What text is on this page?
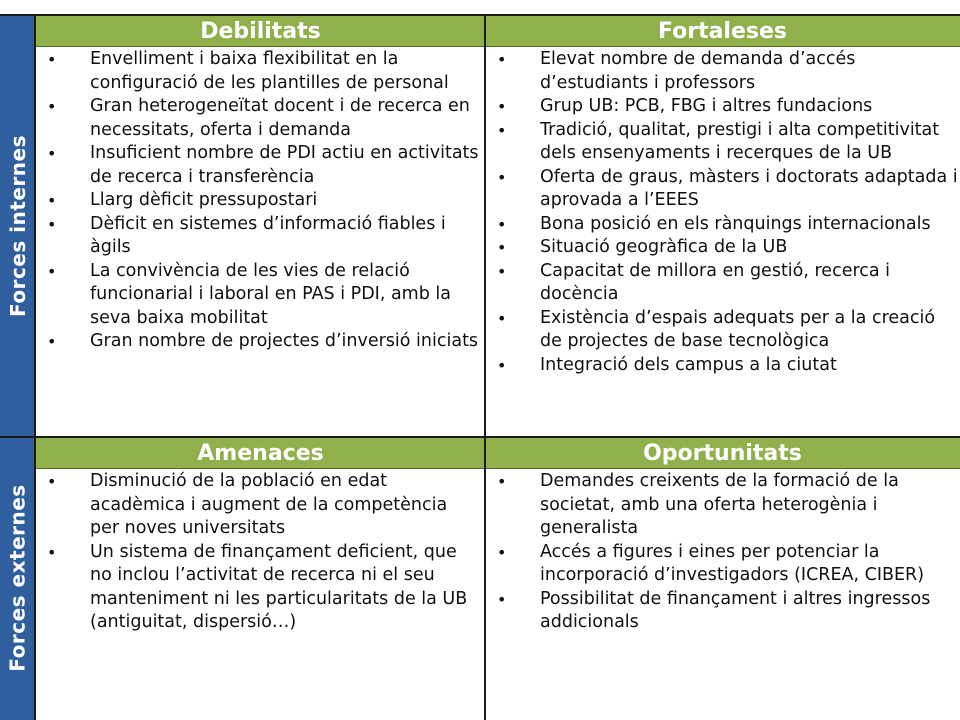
Forces internes
Forces externes
Debilitats	Fortaleses
Amenaces	Oportunitats
• Envelliment i baixa flexibilitat en la configuració de les plantilles de personal
• Gran heterogeneïtat docent i de recerca en necessitats, oferta i demanda
• Insuficient nombre de PDI actiu en activitats de recerca i transferència
• Llarg dèficit pressupostari
• Dèficit en sistemes d’informació fiables i àgils
• La convivència de les vies de relació funcionarial i laboral en PAS i PDI, amb la seva baixa mobilitat
• Gran nombre de projectes d’inversió iniciats
• Elevat nombre de demanda d’accés d’estudiants i professors
• Grup UB: PCB, FBG i altres fundacions
• Tradició, qualitat, prestigi i alta competitivitat dels ensenyaments i recerques de la UB
• Oferta de graus, màsters i doctorats adaptada i aprovada a l’EEES
• Bona posició en els rànquings internacionals
• Situació geogràfica de la UB
• Capacitat de millora en gestió, recerca i docència
• Existència d’espais adequats per a la creació de projectes de base tecnològica
• Integració dels campus a la ciutat
• Disminució de la població en edat acadèmica i augment de la competència per noves universitats
• Un sistema de finançament deficient, que no inclou l’activitat de recerca ni el seu manteniment ni les particularitats de la UB (antiguitat, dispersió…)
• Demandes creixents de la formació de la societat, amb una oferta heterogènia i generalista
• Accés a figures i eines per potenciar la incorporació d’investigadors (ICREA, CIBER)
• Possibilitat de finançament i altres ingressos addicionals
